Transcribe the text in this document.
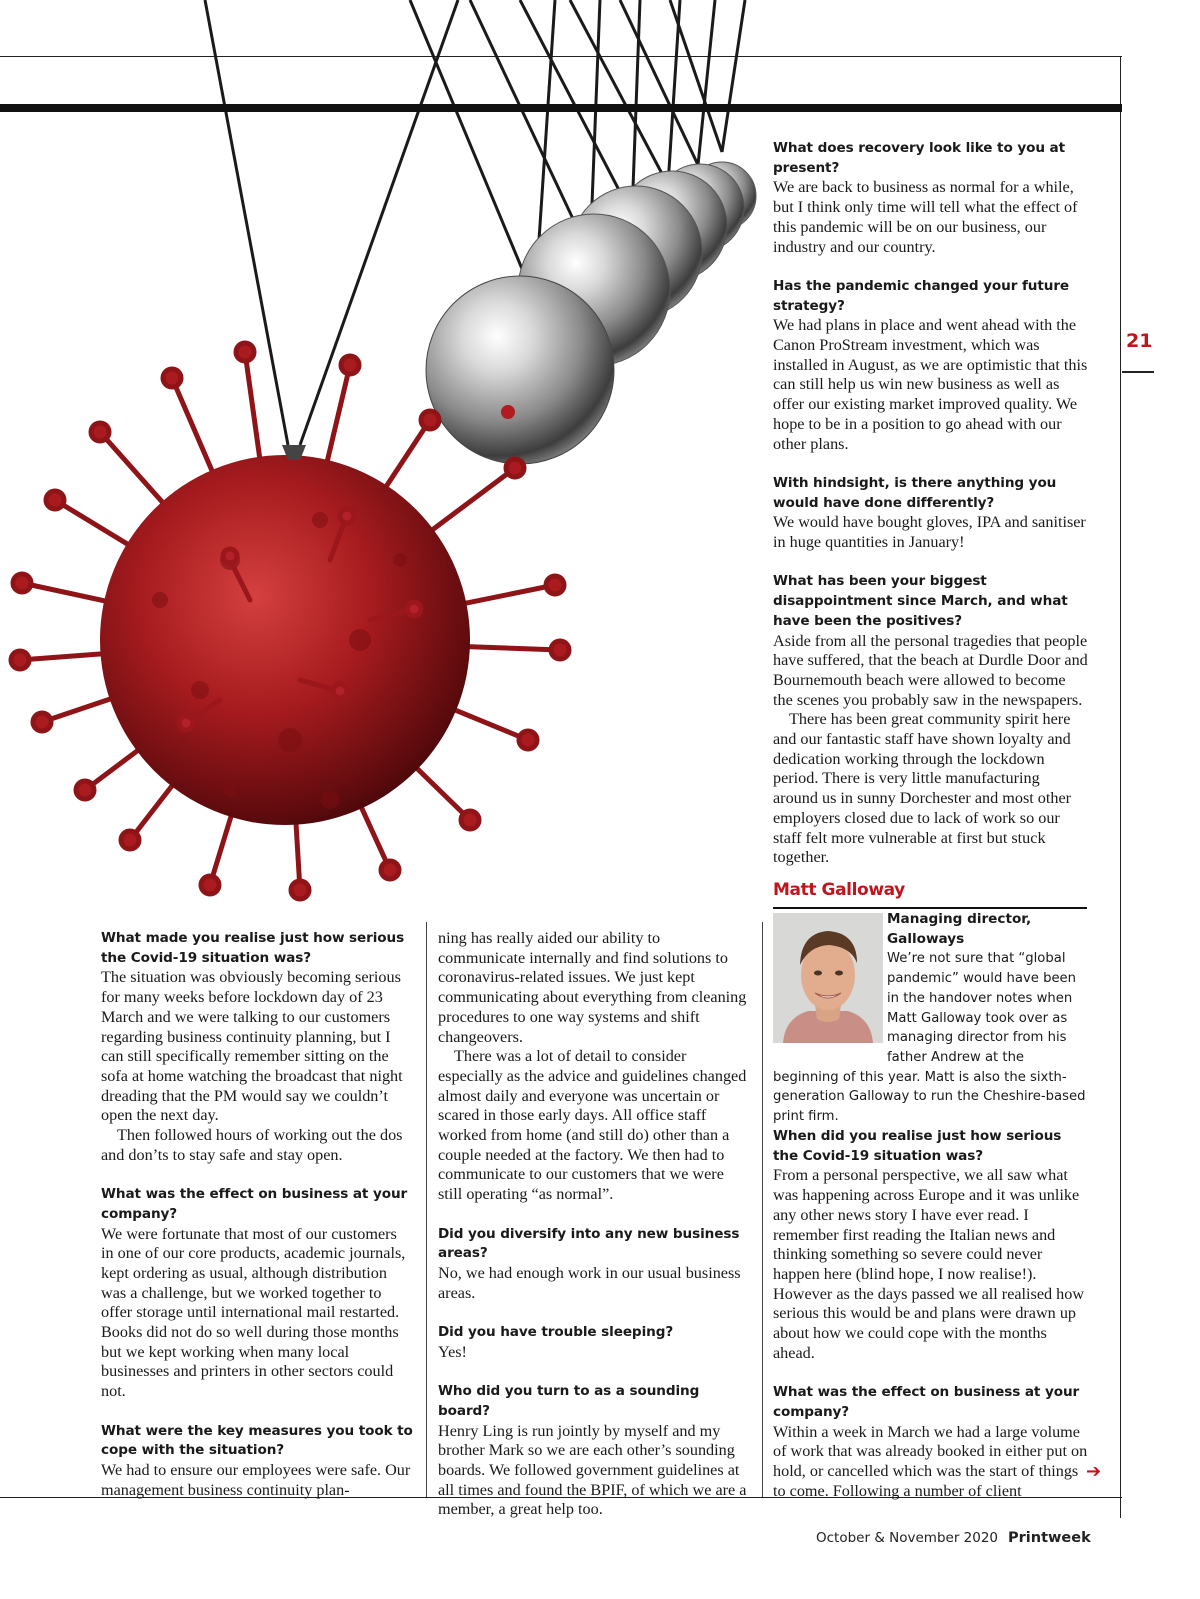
21

What made you realise just how serious the Covid-19 situation was?

The situation was obviously becoming serious for many weeks before lockdown day of 23 March and we were talking to our customers regarding business continuity planning, but I can still specifically remember sitting on the sofa at home watching the broadcast that night dreading that the PM would say we couldn’t open the next day.

Then followed hours of working out the dos and don’ts to stay safe and stay open.

What was the effect on business at your company?

We were fortunate that most of our customers in one of our core products, academic journals, kept ordering as usual, although distribution was a challenge, but we worked together to offer storage until international mail restarted. Books did not do so well during those months but we kept working when many local businesses and printers in other sectors could not.

What were the key measures you took to cope with the situation?

We had to ensure our employees were safe. Our management business continuity plan-

ning has really aided our ability to communicate internally and find solutions to coronavirus-related issues. We just kept communicating about everything from cleaning procedures to one way systems and shift changeovers.

There was a lot of detail to consider especially as the advice and guidelines changed almost daily and everyone was uncertain or scared in those early days. All office staff worked from home (and still do) other than a couple needed at the factory. We then had to communicate to our customers that we were still operating “as normal”.

Did you diversify into any new business areas?

No, we had enough work in our usual business areas.

Did you have trouble sleeping?

Yes!

Who did you turn to as a sounding board?

Henry Ling is run jointly by myself and my brother Mark so we are each other’s sounding boards. We followed government guidelines at all times and found the BPIF, of which we are a member, a great help too.

What does recovery look like to you at present?

We are back to business as normal for a while, but I think only time will tell what the effect of this pandemic will be on our business, our industry and our country.

Has the pandemic changed your future strategy?

We had plans in place and went ahead with the Canon ProStream investment, which was installed in August, as we are optimistic that this can still help us win new business as well as offer our existing market improved quality. We hope to be in a position to go ahead with our other plans.

With hindsight, is there anything you would have done differently?

We would have bought gloves, IPA and sanitiser in huge quantities in January!

What has been your biggest disappointment since March, and what have been the positives?

Aside from all the personal tragedies that people have suffered, that the beach at Durdle Door and Bournemouth beach were allowed to become the scenes you probably saw in the newspapers.

There has been great community spirit here and our fantastic staff have shown loyalty and dedication working through the lockdown period. There is very little manufacturing around us in sunny Dorchester and most other employers closed due to lack of work so our staff felt more vulnerable at first but stuck together.

Matt Galloway
Managing director, Galloways
We’re not sure that “global pandemic” would have been in the handover notes when Matt Galloway took over as managing director from his father Andrew at the beginning of this year. Matt is also the sixth-generation Galloway to run the Cheshire-based print firm.

When did you realise just how serious the Covid-19 situation was?

From a personal perspective, we all saw what was happening across Europe and it was unlike any other news story I have ever read. I remember first reading the Italian news and thinking something so severe could never happen here (blind hope, I now realise!). However as the days passed we all realised how serious this would be and plans were drawn up about how we could cope with the months ahead.

What was the effect on business at your company?

Within a week in March we had a large volume of work that was already booked in either put on hold, or cancelled which was the start of things to come. Following a number of client

➔
October & November 2020 Printweek
